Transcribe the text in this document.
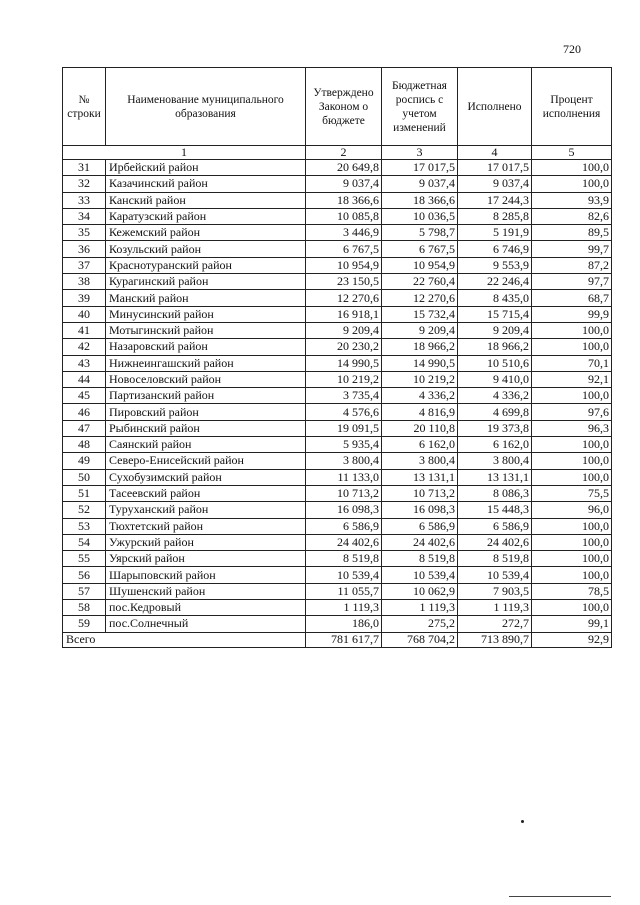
720
№ строки	Наименование муниципального образования	Утверждено Законом о бюджете	Бюджетная роспись с учетом изменений	Исполнено	Процент исполнения
1		2	3	4	5
31	Ирбейский район	20 649,8	17 017,5	17 017,5	100,0
32	Казачинский район	9 037,4	9 037,4	9 037,4	100,0
33	Канский район	18 366,6	18 366,6	17 244,3	93,9
34	Каратузский район	10 085,8	10 036,5	8 285,8	82,6
35	Кежемский район	3 446,9	5 798,7	5 191,9	89,5
36	Козульский район	6 767,5	6 767,5	6 746,9	99,7
37	Краснотуранский район	10 954,9	10 954,9	9 553,9	87,2
38	Курагинский район	23 150,5	22 760,4	22 246,4	97,7
39	Манский район	12 270,6	12 270,6	8 435,0	68,7
40	Минусинский район	16 918,1	15 732,4	15 715,4	99,9
41	Мотыгинский район	9 209,4	9 209,4	9 209,4	100,0
42	Назаровский район	20 230,2	18 966,2	18 966,2	100,0
43	Нижнеингашский район	14 990,5	14 990,5	10 510,6	70,1
44	Новоселовский район	10 219,2	10 219,2	9 410,0	92,1
45	Партизанский район	3 735,4	4 336,2	4 336,2	100,0
46	Пировский район	4 576,6	4 816,9	4 699,8	97,6
47	Рыбинский район	19 091,5	20 110,8	19 373,8	96,3
48	Саянский район	5 935,4	6 162,0	6 162,0	100,0
49	Северо-Енисейский район	3 800,4	3 800,4	3 800,4	100,0
50	Сухобузимский район	11 133,0	13 131,1	13 131,1	100,0
51	Тасеевский район	10 713,2	10 713,2	8 086,3	75,5
52	Туруханский район	16 098,3	16 098,3	15 448,3	96,0
53	Тюхтетский район	6 586,9	6 586,9	6 586,9	100,0
54	Ужурский район	24 402,6	24 402,6	24 402,6	100,0
55	Уярский район	8 519,8	8 519,8	8 519,8	100,0
56	Шарыповский район	10 539,4	10 539,4	10 539,4	100,0
57	Шушенский район	11 055,7	10 062,9	7 903,5	78,5
58	пос.Кедровый	1 119,3	1 119,3	1 119,3	100,0
59	пос.Солнечный	186,0	275,2	272,7	99,1
Всего		781 617,7	768 704,2	713 890,7	92,9
